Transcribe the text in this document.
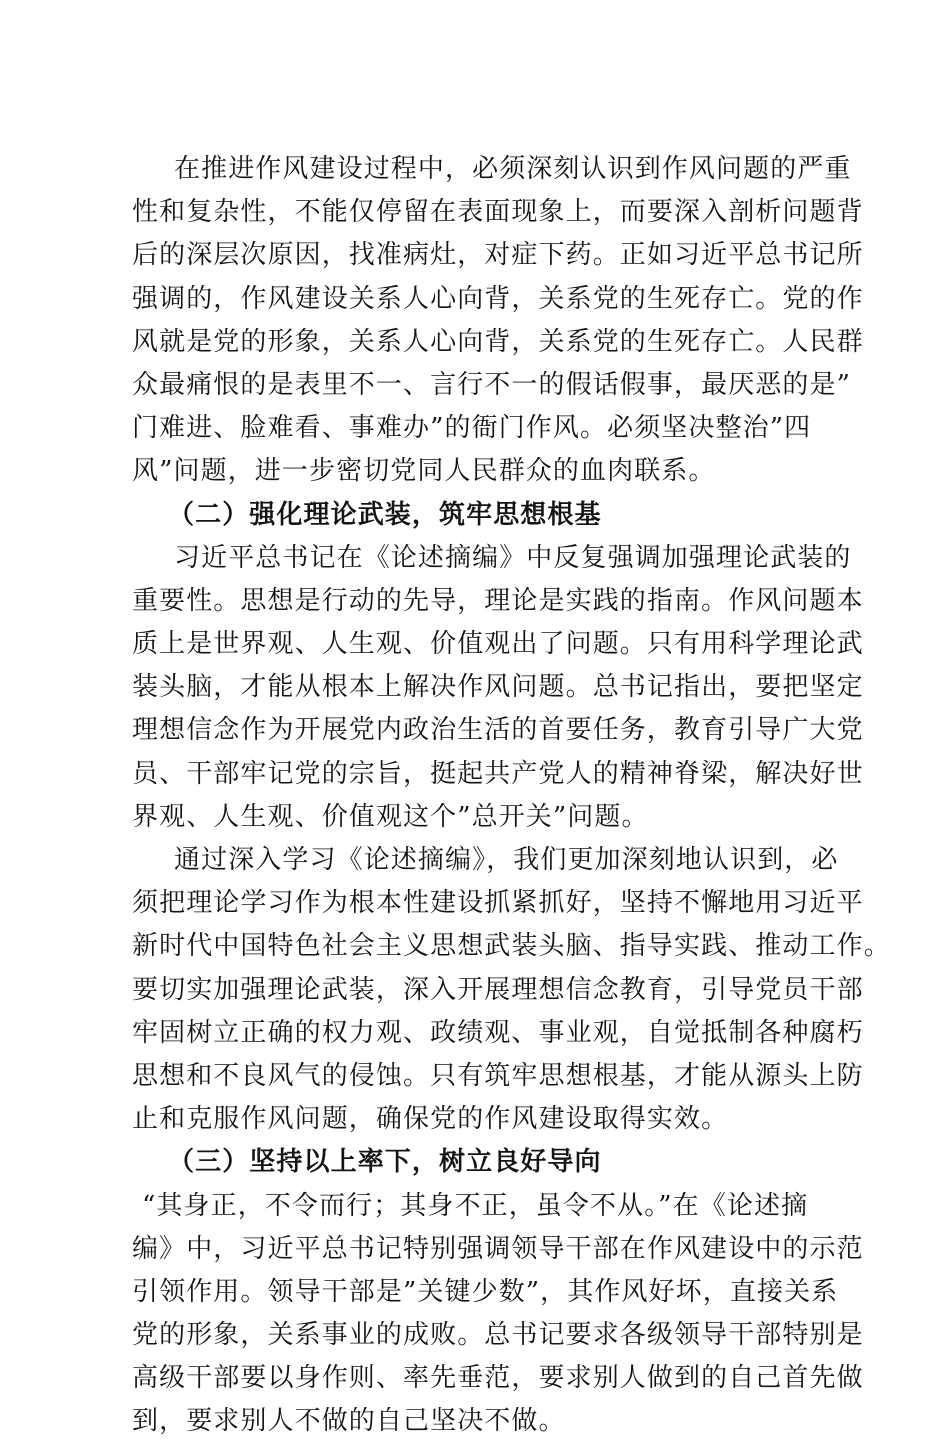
在推进作风建设过程中，必须深刻认识到作风问题的严重
性和复杂性，不能仅停留在表面现象上，而要深入剖析问题背
后的深层次原因，找准病灶，对症下药。正如习近平总书记所
强调的，作风建设关系人心向背，关系党的生死存亡。党的作
风就是党的形象，关系人心向背，关系党的生死存亡。人民群
众最痛恨的是表里不一、言行不一的假话假事，最厌恶的是”
门难进、脸难看、事难办”的衙门作风。必须坚决整治”四
风”问题，进一步密切党同人民群众的血肉联系。
（二）强化理论武装，筑牢思想根基
习近平总书记在《论述摘编》中反复强调加强理论武装的
重要性。思想是行动的先导，理论是实践的指南。作风问题本
质上是世界观、人生观、价值观出了问题。只有用科学理论武
装头脑，才能从根本上解决作风问题。总书记指出，要把坚定
理想信念作为开展党内政治生活的首要任务，教育引导广大党
员、干部牢记党的宗旨，挺起共产党人的精神脊梁，解决好世
界观、人生观、价值观这个”总开关”问题。
通过深入学习《论述摘编》，我们更加深刻地认识到，必
须把理论学习作为根本性建设抓紧抓好，坚持不懈地用习近平
新时代中国特色社会主义思想武装头脑、指导实践、推动工作。
要切实加强理论武装，深入开展理想信念教育，引导党员干部
牢固树立正确的权力观、政绩观、事业观，自觉抵制各种腐朽
思想和不良风气的侵蚀。只有筑牢思想根基，才能从源头上防
止和克服作风问题，确保党的作风建设取得实效。
（三）坚持以上率下，树立良好导向
“其身正，不令而行；其身不正，虽令不从。”在《论述摘
编》中，习近平总书记特别强调领导干部在作风建设中的示范
引领作用。领导干部是”关键少数”，其作风好坏，直接关系
党的形象，关系事业的成败。总书记要求各级领导干部特别是
高级干部要以身作则、率先垂范，要求别人做到的自己首先做
到，要求别人不做的自己坚决不做。
